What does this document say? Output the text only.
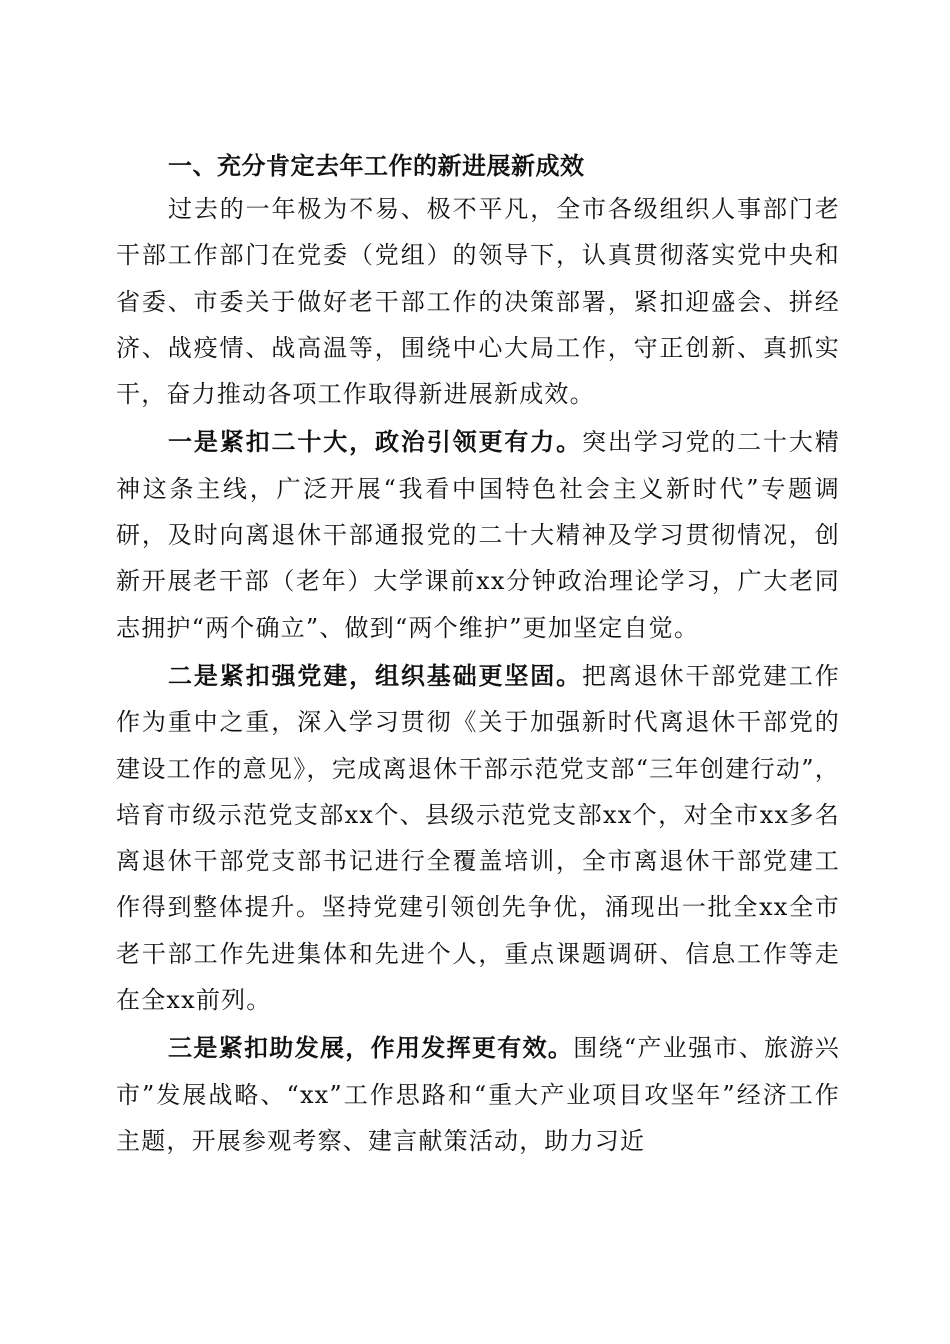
一、充分肯定去年工作的新进展新成效

过去的一年极为不易、极不平凡，全市各级组织人事部门老干部工作部门在党委（党组）的领导下，认真贯彻落实党中央和省委、市委关于做好老干部工作的决策部署，紧扣迎盛会、拼经济、战疫情、战高温等，围绕中心大局工作，守正创新、真抓实干，奋力推动各项工作取得新进展新成效。

一是紧扣二十大，政治引领更有力。突出学习党的二十大精神这条主线，广泛开展“我看中国特色社会主义新时代”专题调研，及时向离退休干部通报党的二十大精神及学习贯彻情况，创新开展老干部（老年）大学课前xx分钟政治理论学习，广大老同志拥护“两个确立”、做到“两个维护”更加坚定自觉。

二是紧扣强党建，组织基础更坚固。把离退休干部党建工作作为重中之重，深入学习贯彻《关于加强新时代离退休干部党的建设工作的意见》，完成离退休干部示范党支部“三年创建行动”，培育市级示范党支部xx个、县级示范党支部xx个，对全市xx多名离退休干部党支部书记进行全覆盖培训，全市离退休干部党建工作得到整体提升。坚持党建引领创先争优，涌现出一批全xx全市老干部工作先进集体和先进个人，重点课题调研、信息工作等走在全xx前列。

三是紧扣助发展，作用发挥更有效。围绕“产业强市、旅游兴市”发展战略、“xx”工作思路和“重大产业项目攻坚年”经济工作主题，开展参观考察、建言献策活动，助力习近
